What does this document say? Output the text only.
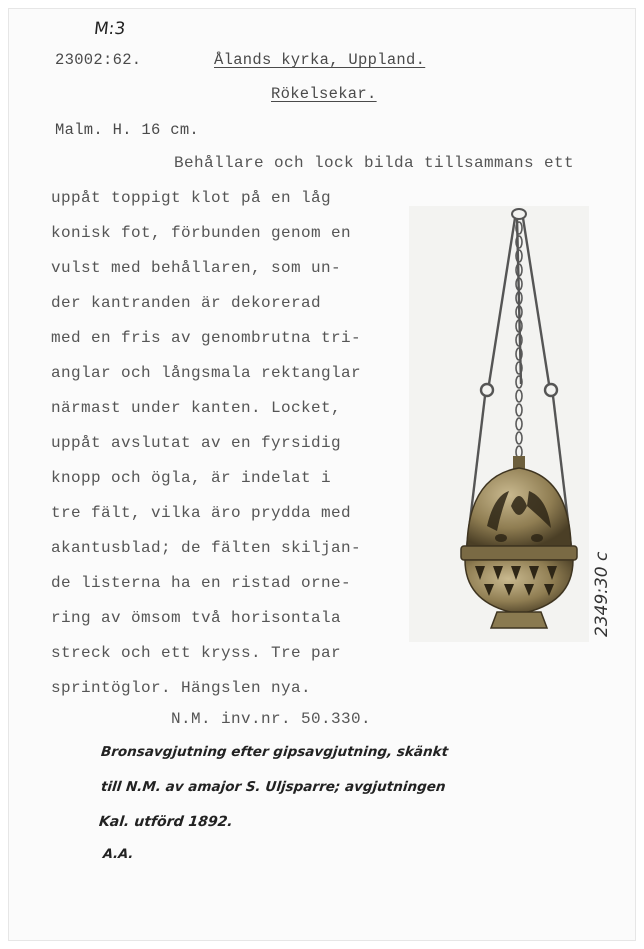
M:3
23002:62.	Ålands kyrka, Uppland.
Rökelsekar.
Malm. H. 16 cm.
Behållare och lock bilda tillsammans ett
uppåt toppigt klot på en låg
konisk fot, förbunden genom en
vulst med behållaren, som un-
der kantranden är dekorerad
med en fris av genombrutna tri-
anglar och långsmala rektanglar
närmast under kanten. Locket,
uppåt avslutat av en fyrsidig
knopp och ögla, är indelat i
tre fält, vilka äro prydda med
akantusblad; de fälten skiljan-
de listerna ha en ristad orne-
ring av ömsom två horisontala
streck och ett kryss. Tre par
sprintöglor. Hängslen nya.
N.M. inv.nr. 50.330.
2349:30 c
Bronsavgjutning efter gipsavgjutning, skänkt
till N.M. av amajor S. Uljsparre; avgjutningen
Kal. utförd 1892.
A.A.
